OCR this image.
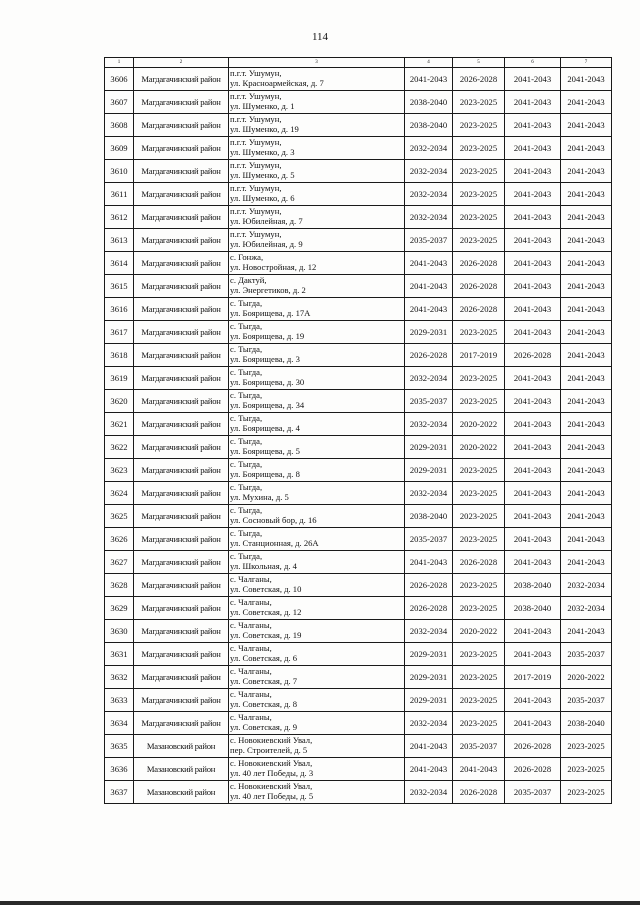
114
1	2	3	4	5	6	7
3606	Магдагачинский район	п.г.т. Ушумун,
ул. Красноармейская, д. 7	2041-2043	2026-2028	2041-2043	2041-2043
3607	Магдагачинский район	п.г.т. Ушумун,
ул. Шуменко, д. 1	2038-2040	2023-2025	2041-2043	2041-2043
3608	Магдагачинский район	п.г.т. Ушумун,
ул. Шуменко, д. 19	2038-2040	2023-2025	2041-2043	2041-2043
3609	Магдагачинский район	п.г.т. Ушумун,
ул. Шуменко, д. 3	2032-2034	2023-2025	2041-2043	2041-2043
3610	Магдагачинский район	п.г.т. Ушумун,
ул. Шуменко, д. 5	2032-2034	2023-2025	2041-2043	2041-2043
3611	Магдагачинский район	п.г.т. Ушумун,
ул. Шуменко, д. 6	2032-2034	2023-2025	2041-2043	2041-2043
3612	Магдагачинский район	п.г.т. Ушумун,
ул. Юбилейная, д. 7	2032-2034	2023-2025	2041-2043	2041-2043
3613	Магдагачинский район	п.г.т. Ушумун,
ул. Юбилейная, д. 9	2035-2037	2023-2025	2041-2043	2041-2043
3614	Магдагачинский район	с. Гонжа,
ул. Новостройная, д. 12	2041-2043	2026-2028	2041-2043	2041-2043
3615	Магдагачинский район	с. Дактуй,
ул. Энергетиков, д. 2	2041-2043	2026-2028	2041-2043	2041-2043
3616	Магдагачинский район	с. Тыгда,
ул. Боярищева, д. 17А	2041-2043	2026-2028	2041-2043	2041-2043
3617	Магдагачинский район	с. Тыгда,
ул. Боярищева, д. 19	2029-2031	2023-2025	2041-2043	2041-2043
3618	Магдагачинский район	с. Тыгда,
ул. Боярищева, д. 3	2026-2028	2017-2019	2026-2028	2041-2043
3619	Магдагачинский район	с. Тыгда,
ул. Боярищева, д. 30	2032-2034	2023-2025	2041-2043	2041-2043
3620	Магдагачинский район	с. Тыгда,
ул. Боярищева, д. 34	2035-2037	2023-2025	2041-2043	2041-2043
3621	Магдагачинский район	с. Тыгда,
ул. Боярищева, д. 4	2032-2034	2020-2022	2041-2043	2041-2043
3622	Магдагачинский район	с. Тыгда,
ул. Боярищева, д. 5	2029-2031	2020-2022	2041-2043	2041-2043
3623	Магдагачинский район	с. Тыгда,
ул. Боярищева, д. 8	2029-2031	2023-2025	2041-2043	2041-2043
3624	Магдагачинский район	с. Тыгда,
ул. Мухина, д. 5	2032-2034	2023-2025	2041-2043	2041-2043
3625	Магдагачинский район	с. Тыгда,
ул. Сосновый бор, д. 16	2038-2040	2023-2025	2041-2043	2041-2043
3626	Магдагачинский район	с. Тыгда,
ул. Станционная, д. 26А	2035-2037	2023-2025	2041-2043	2041-2043
3627	Магдагачинский район	с. Тыгда,
ул. Школьная, д. 4	2041-2043	2026-2028	2041-2043	2041-2043
3628	Магдагачинский район	с. Чалганы,
ул. Советская, д. 10	2026-2028	2023-2025	2038-2040	2032-2034
3629	Магдагачинский район	с. Чалганы,
ул. Советская, д. 12	2026-2028	2023-2025	2038-2040	2032-2034
3630	Магдагачинский район	с. Чалганы,
ул. Советская, д. 19	2032-2034	2020-2022	2041-2043	2041-2043
3631	Магдагачинский район	с. Чалганы,
ул. Советская, д. 6	2029-2031	2023-2025	2041-2043	2035-2037
3632	Магдагачинский район	с. Чалганы,
ул. Советская, д. 7	2029-2031	2023-2025	2017-2019	2020-2022
3633	Магдагачинский район	с. Чалганы,
ул. Советская, д. 8	2029-2031	2023-2025	2041-2043	2035-2037
3634	Магдагачинский район	с. Чалганы,
ул. Советская, д. 9	2032-2034	2023-2025	2041-2043	2038-2040
3635	Мазановский район	с. Новокиевский Увал,
пер. Строителей, д. 5	2041-2043	2035-2037	2026-2028	2023-2025
3636	Мазановский район	с. Новокиевский Увал,
ул. 40 лет Победы, д. 3	2041-2043	2041-2043	2026-2028	2023-2025
3637	Мазановский район	с. Новокиевский Увал,
ул. 40 лет Победы, д. 5	2032-2034	2026-2028	2035-2037	2023-2025
